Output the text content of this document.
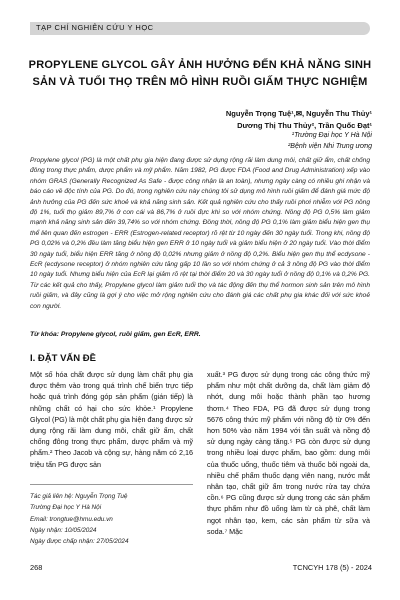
TẠP CHÍ NGHIÊN CỨU Y HỌC
PROPYLENE GLYCOL GÂY ẢNH HƯỞNG ĐẾN KHẢ NĂNG SINH
SẢN VÀ TUỔI THỌ TRÊN MÔ HÌNH RUỒI GIẤM THỰC NGHIỆM
Nguyễn Trọng Tuệ¹,✉, Nguyễn Thu Thủy¹
Dương Thị Thu Thủy², Trần Quốc Đạt¹
¹Trường Đại học Y Hà Nội
²Bệnh viện Nhi Trung ương
Propylene glycol (PG) là một chất phụ gia hiện đang được sử dụng rộng rãi làm dung môi, chất giữ ẩm, chất chống đông trong thực phẩm, dược phẩm và mỹ phẩm. Năm 1982, PG được FDA (Food and Drug Administration) xếp vào nhóm GRAS (Generally Recognized As Safe - được công nhận là an toàn), nhưng ngày càng có nhiều ghi nhận và báo cáo về độc tính của PG. Do đó, trong nghiên cứu này chúng tôi sử dụng mô hình ruồi giấm để đánh giá mức độ ảnh hưởng của PG đến sức khoẻ và khả năng sinh sản. Kết quả nghiên cứu cho thấy ruồi phơi nhiễm với PG nồng độ 1%, tuổi thọ giảm 89,7% ở con cái và 86,7% ở ruồi đực khi so với nhóm chứng. Nồng độ PG 0,5% làm giảm mạnh khả năng sinh sản đến 39,74% so với nhóm chứng. Đồng thời, nồng độ PG 0,1% làm giảm biểu hiện gen thụ thể liên quan đến estrogen - ERR (Estrogen-related receptor) rõ rệt từ 10 ngày đến 30 ngày tuổi. Trong khi, nồng độ PG 0,02% và 0,2% đều làm tăng biểu hiện gen ERR ở 10 ngày tuổi và giảm biểu hiện ở 20 ngày tuổi. Vào thời điểm 30 ngày tuổi, biểu hiện ERR tăng ở nồng độ 0,02% nhưng giảm ở nồng độ 0,2%. Biểu hiện gen thụ thể ecdysone - EcR (ecdysone receptor) ở nhóm nghiên cứu tăng gấp 10 lần so với nhóm chứng ở cả 3 nồng độ PG vào thời điểm 10 ngày tuổi. Nhưng biểu hiện của EcR lại giảm rõ rệt tại thời điểm 20 và 30 ngày tuổi ở nồng độ 0,1% và 0,2% PG. Từ các kết quả cho thấy, Propylene glycol làm giảm tuổi thọ và tác động đến thụ thể hormon sinh sản trên mô hình ruồi giấm, và đây cũng là gợi ý cho việc mở rộng nghiên cứu cho đánh giá các chất phụ gia khác đối với sức khoẻ con người.
Từ khóa: Propylene glycol, ruồi giấm, gen EcR, ERR.
I. ĐẶT VẤN ĐỀ
Một số hóa chất được sử dụng làm chất phụ gia được thêm vào trong quá trình chế biến trực tiếp hoặc quá trình đóng góp sản phẩm (gián tiếp) là những chất có hại cho sức khỏe.¹ Propylene Glycol (PG) là một chất phụ gia hiện đang được sử dụng rộng rãi làm dung môi, chất giữ ẩm, chất chống đông trong thực phẩm, dược phẩm và mỹ phẩm.² Theo Jacob và cộng sự, hàng năm có 2,16 triệu tấn PG được sản
xuất.³ PG được sử dụng trong các công thức mỹ phẩm như một chất dưỡng da, chất làm giảm độ nhớt, dung môi hoặc thành phần tạo hương thơm.⁴ Theo FDA, PG đã được sử dụng trong 5676 công thức mỹ phẩm với nồng độ từ 0% đến hơn 50% vào năm 1994 với tần suất và nồng độ sử dụng ngày càng tăng.⁵ PG còn được sử dụng trong nhiều loại dược phẩm, bao gồm: dung môi của thuốc uống, thuốc tiêm và thuốc bôi ngoài da, nhiều chế phẩm thuốc dạng viên nang, nước mắt nhân tạo, chất giữ ẩm trong nước rửa tay chứa cồn.⁶ PG cũng được sử dụng trong các sản phẩm thực phẩm như đồ uống làm từ cà phê, chất làm ngọt nhân tạo, kem, các sản phẩm từ sữa và soda.⁷ Mặc
Tác giả liên hệ: Nguyễn Trọng Tuệ
Trường Đại học Y Hà Nội
Email: trongtue@hmu.edu.vn
Ngày nhận: 10/05/2024
Ngày được chấp nhận: 27/05/2024
268	TCNCYH 178 (5) - 2024
